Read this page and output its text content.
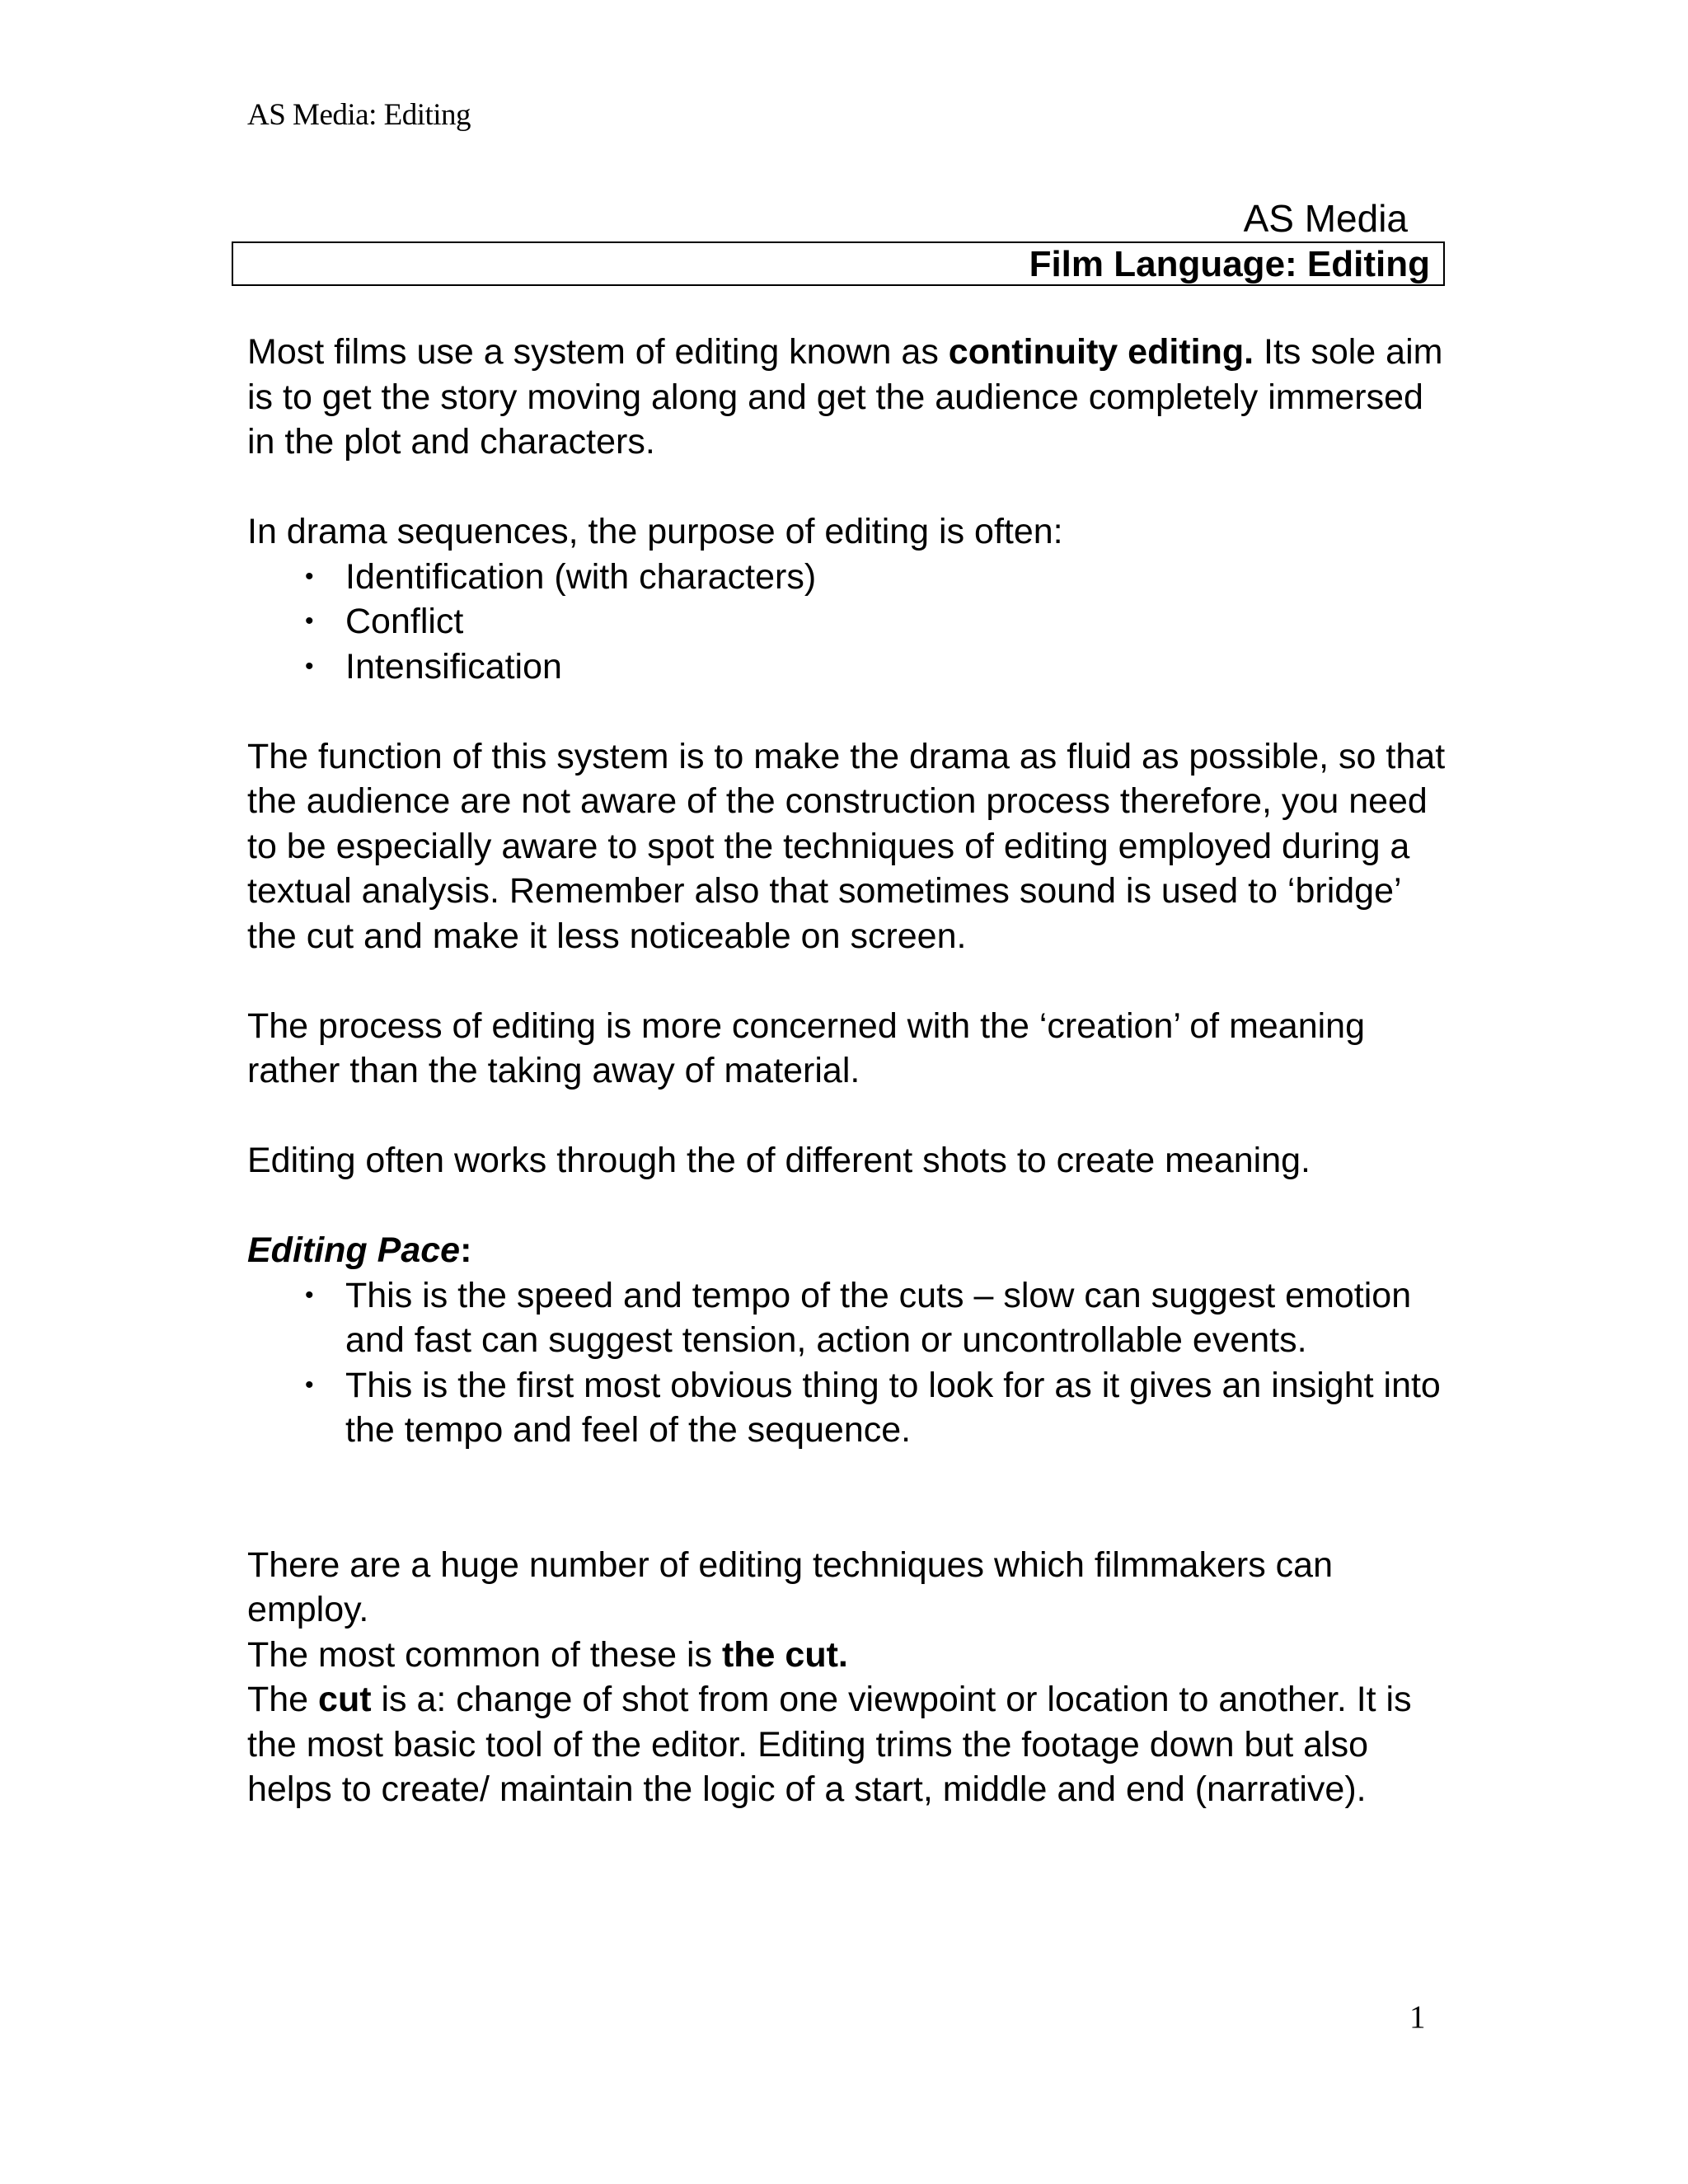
AS Media: Editing
AS Media
Film Language: Editing

Most films use a system of editing known as continuity editing. Its sole aim is to get the story moving along and get the audience completely immersed in the plot and characters.

In drama sequences, the purpose of editing is often:

• Identification (with characters)
• Conflict
• Intensification

The function of this system is to make the drama as fluid as possible, so that the audience are not aware of the construction process therefore, you need to be especially aware to spot the techniques of editing employed during a textual analysis. Remember also that sometimes sound is used to ‘bridge’ the cut and make it less noticeable on screen.

The process of editing is more concerned with the ‘creation’ of meaning rather than the taking away of material.

Editing often works through the of different shots to create meaning.

Editing Pace:

• This is the speed and tempo of the cuts – slow can suggest emotion and fast can suggest tension, action or uncontrollable events.
• This is the first most obvious thing to look for as it gives an insight into the tempo and feel of the sequence.

There are a huge number of editing techniques which filmmakers can employ.

The most common of these is the cut.

The cut is a: change of shot from one viewpoint or location to another. It is the most basic tool of the editor. Editing trims the footage down but also helps to create/ maintain the logic of a start, middle and end (narrative).

1
